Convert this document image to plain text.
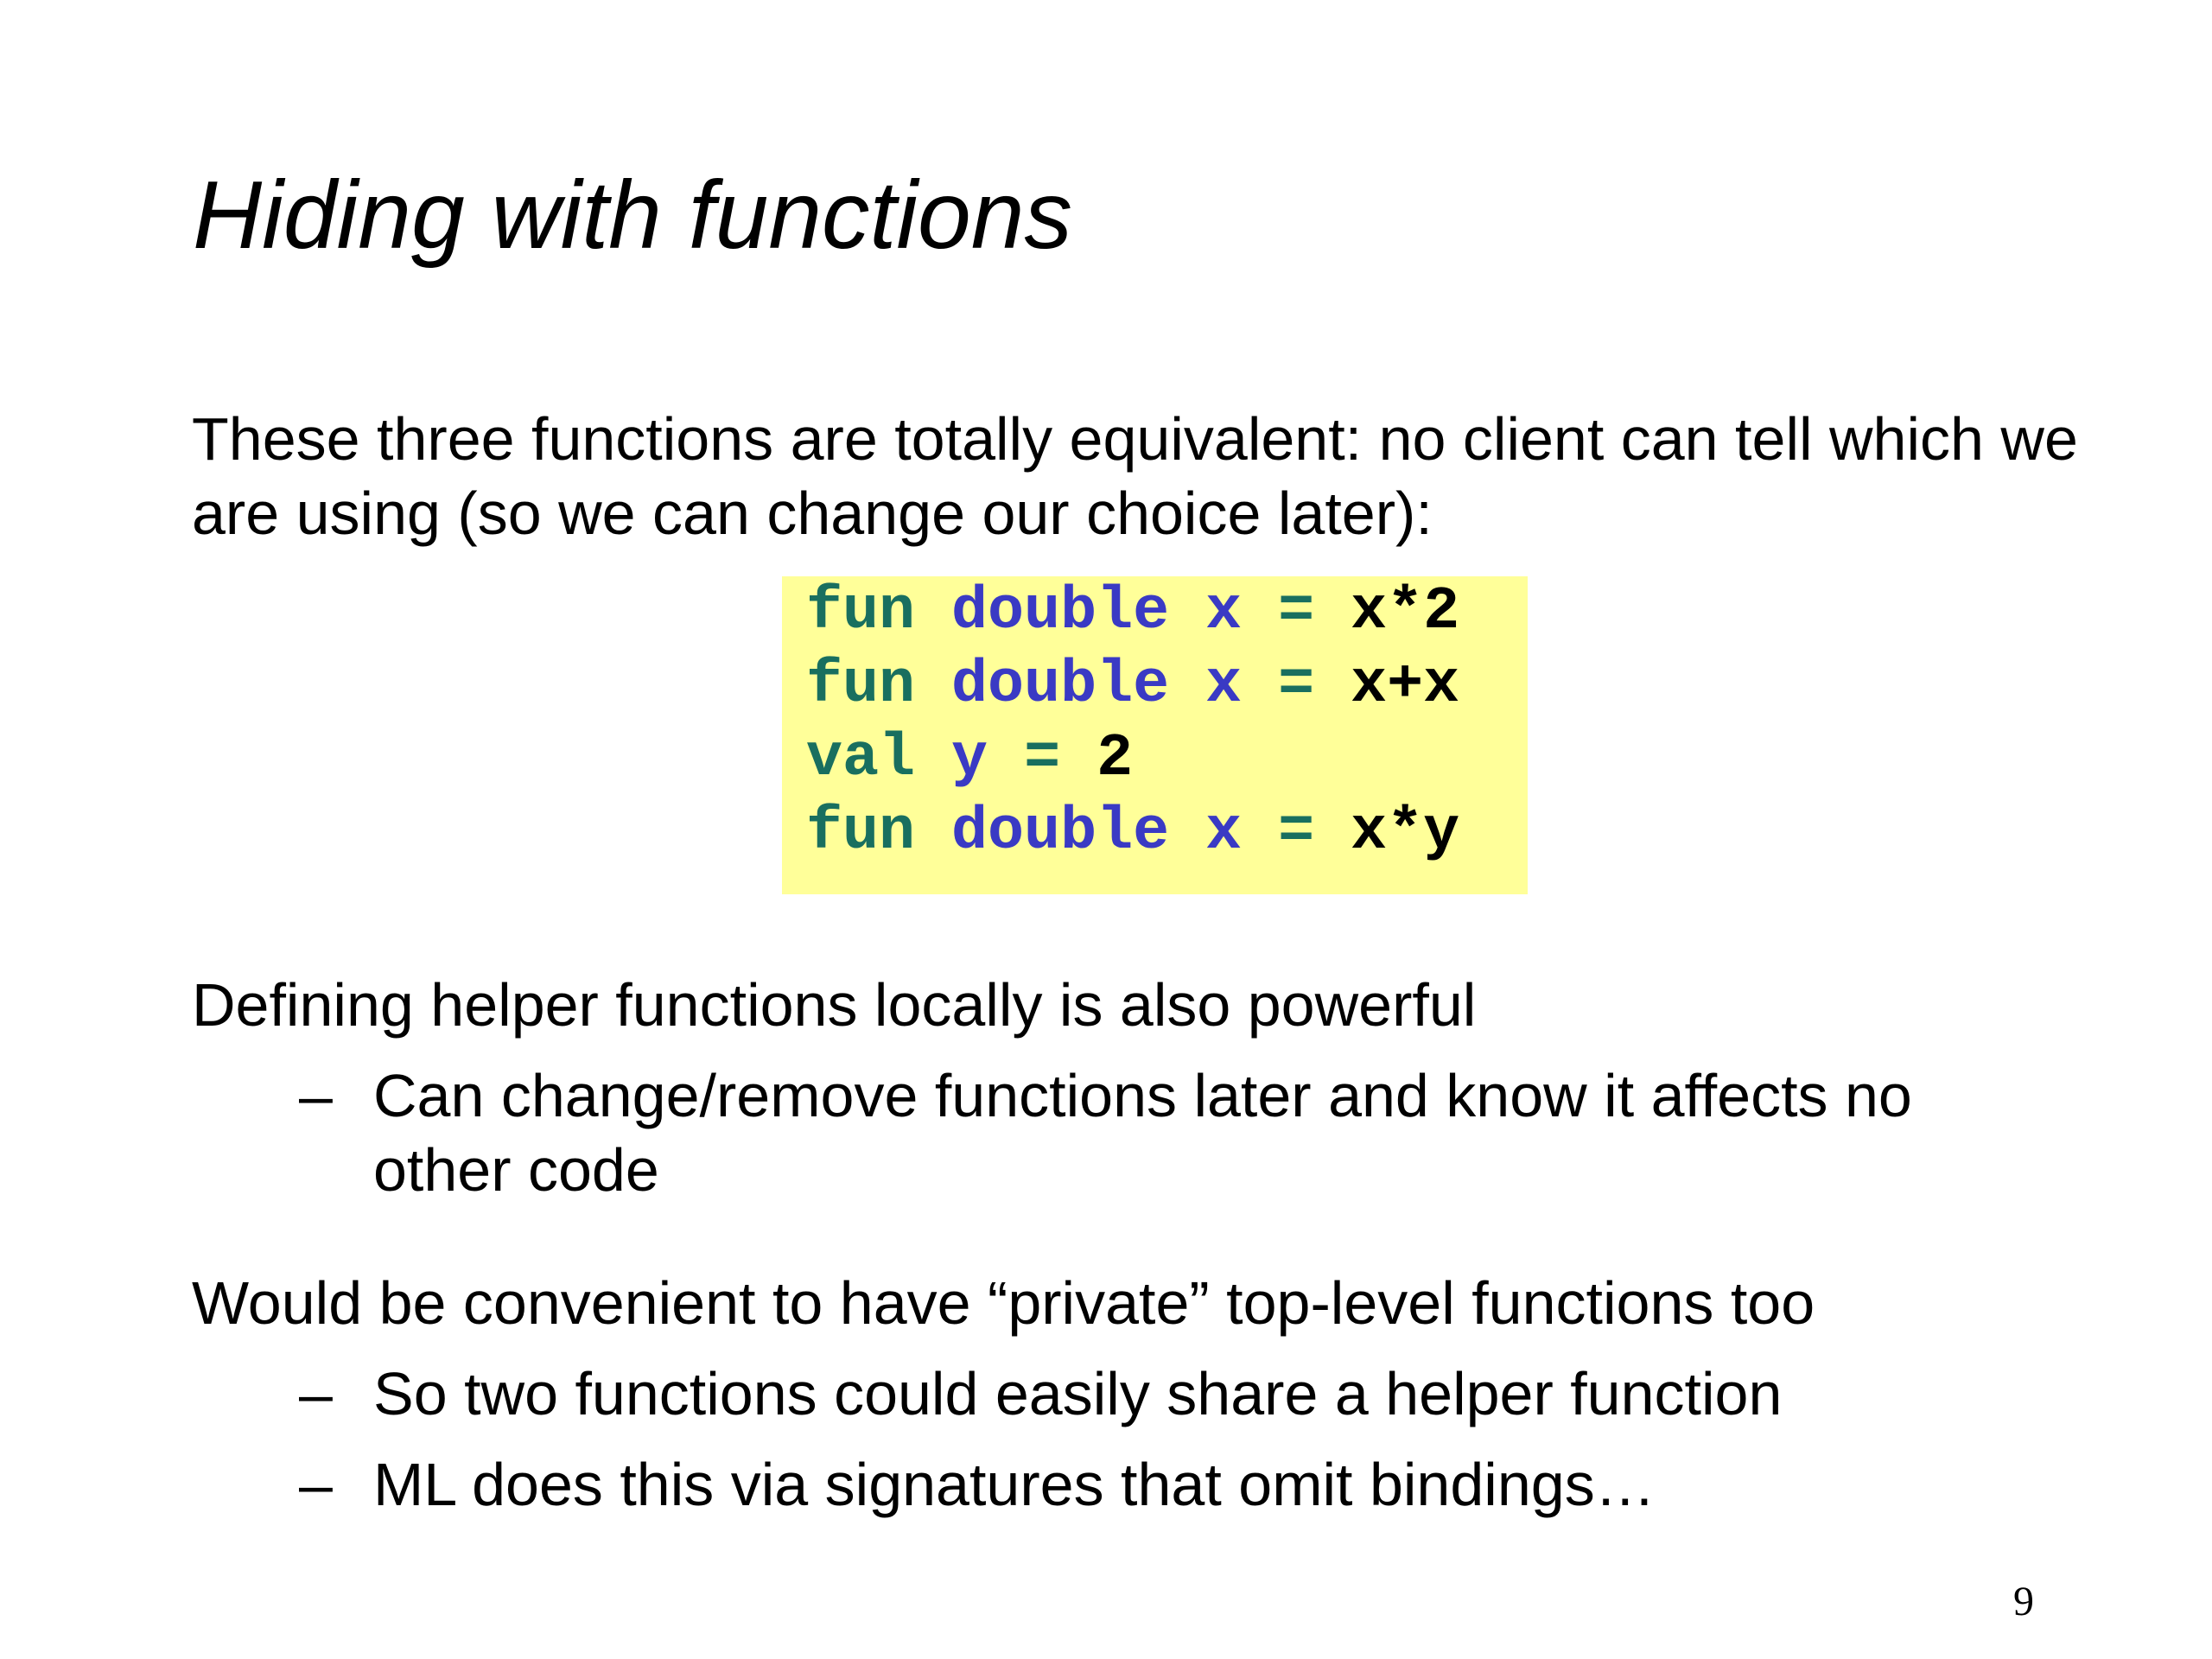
Hiding with functions

These three functions are totally equivalent: no client can tell which we are using (so we can change our choice later):

fun double x = x*2
fun double x = x+x
val y = 2
fun double x = x*y

Defining helper functions locally is also powerful

– Can change/remove functions later and know it affects no other code

Would be convenient to have “private” top-level functions too

– So two functions could easily share a helper function
– ML does this via signatures that omit bindings…
9
